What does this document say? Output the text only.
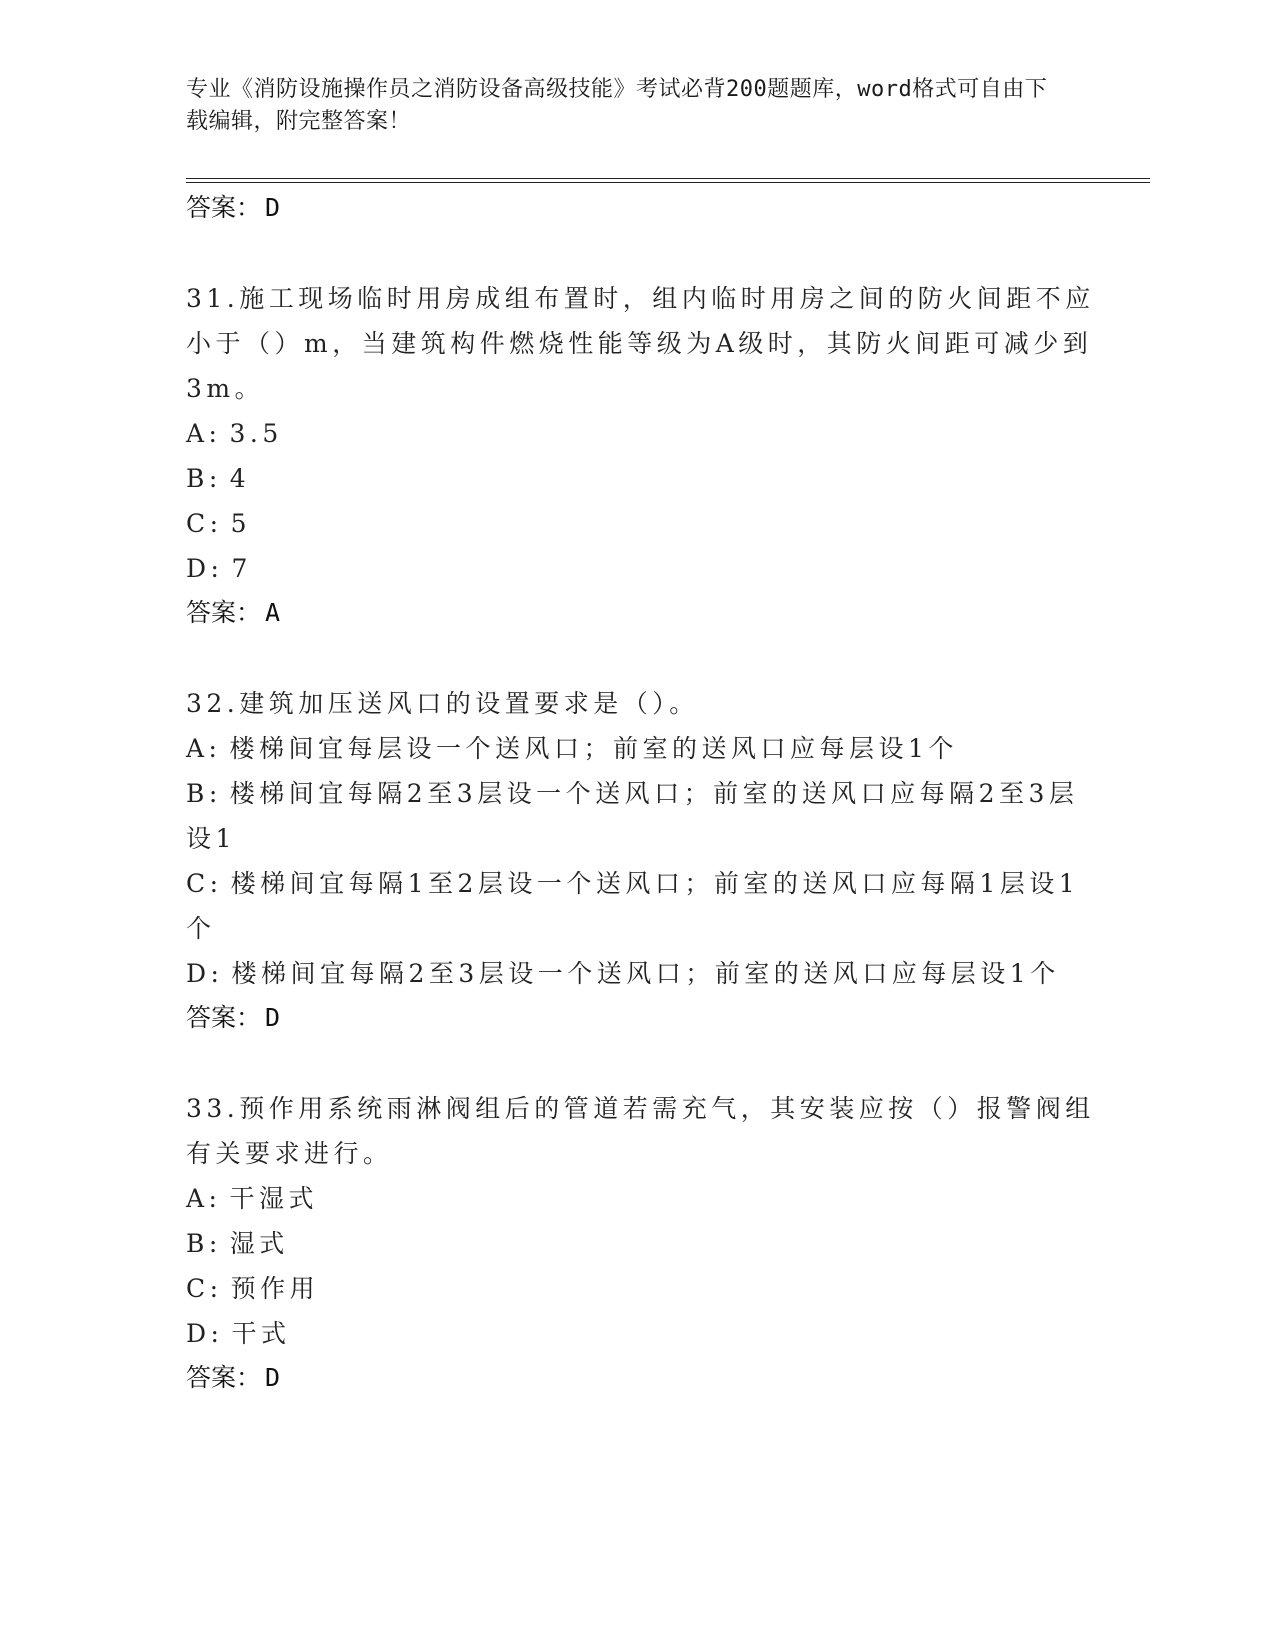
专业《消防设施操作员之消防设备高级技能》考试必背200题题库，word格式可自由下载编辑，附完整答案！
答案： D
31.施工现场临时用房成组布置时，组内临时用房之间的防火间距不应小于（）m，当建筑构件燃烧性能等级为A级时，其防火间距可减少到3m。
A: 3.5
B: 4
C: 5
D: 7
答案： A
32.建筑加压送风口的设置要求是（）。
A: 楼梯间宜每层设一个送风口；前室的送风口应每层设1个
B: 楼梯间宜每隔2至3层设一个送风口；前室的送风口应每隔2至3层设1
C: 楼梯间宜每隔1至2层设一个送风口；前室的送风口应每隔1层设1个
D: 楼梯间宜每隔2至3层设一个送风口；前室的送风口应每层设1个
答案： D
33.预作用系统雨淋阀组后的管道若需充气，其安装应按（）报警阀组有关要求进行。
A: 干湿式
B: 湿式
C: 预作用
D: 干式
答案： D
